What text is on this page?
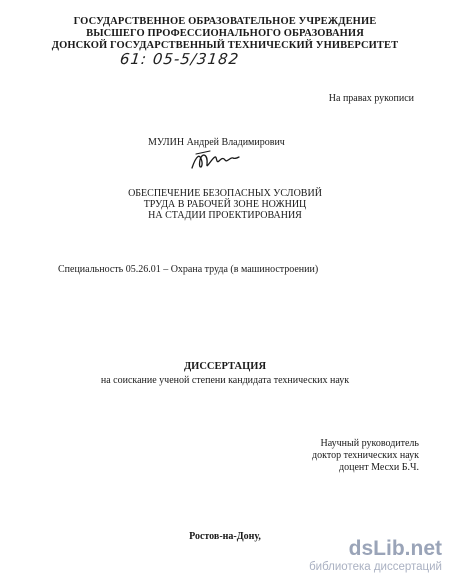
ГОСУДАРСТВЕННОЕ ОБРАЗОВАТЕЛЬНОЕ УЧРЕЖДЕНИЕ
ВЫСШЕГО ПРОФЕССИОНАЛЬНОГО ОБРАЗОВАНИЯ
ДОНСКОЙ ГОСУДАРСТВЕННЫЙ ТЕХНИЧЕСКИЙ УНИВЕРСИТЕТ
61: 05-5/3182
На правах рукописи
МУЛИН Андрей Владимирович
ОБЕСПЕЧЕНИЕ БЕЗОПАСНЫХ УСЛОВИЙ
ТРУДА В РАБОЧЕЙ ЗОНЕ НОЖНИЦ
НА СТАДИИ ПРОЕКТИРОВАНИЯ
Специальность 05.26.01 – Охрана труда (в машиностроении)
ДИССЕРТАЦИЯ
на соискание ученой степени кандидата технических наук
Научный руководитель
доктор технических наук
доцент Месхи Б.Ч.
Ростов-на-Дону,
dsLib.net
библиотека диссертаций
